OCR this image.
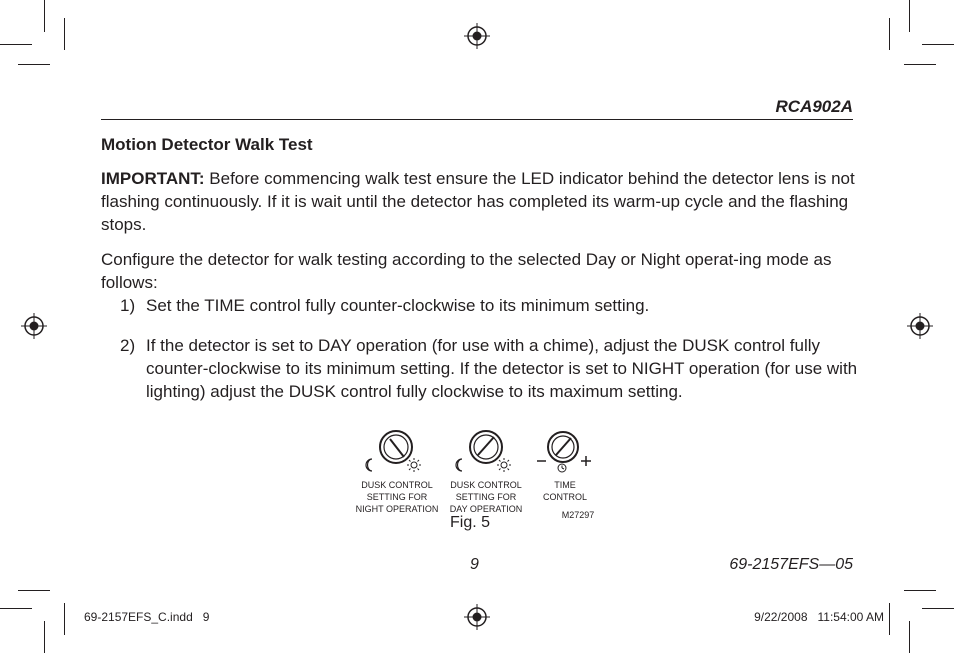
RCA902A
Motion Detector Walk Test
IMPORTANT: Before commencing walk test ensure the LED indicator behind the detector lens is not flashing continuously. If it is wait until the detector has completed its warm-up cycle and the flashing stops.
Configure the detector for walk testing according to the selected Day or Night operat-ing mode as follows:
1) Set the TIME control fully counter-clockwise to its minimum setting.
2) If the detector is set to DAY operation (for use with a chime), adjust the DUSK control fully counter-clockwise to its minimum setting. If the detector is set to NIGHT operation (for use with lighting) adjust the DUSK control fully clockwise to its maximum setting.
DUSK CONTROL
SETTING FOR
NIGHT OPERATION
DUSK CONTROL
SETTING FOR
DAY OPERATION
TIME
CONTROL
M27297
Fig. 5
9	69-2157EFS—05
69-2157EFS_C.indd   9	9/22/2008   11:54:00 AM
